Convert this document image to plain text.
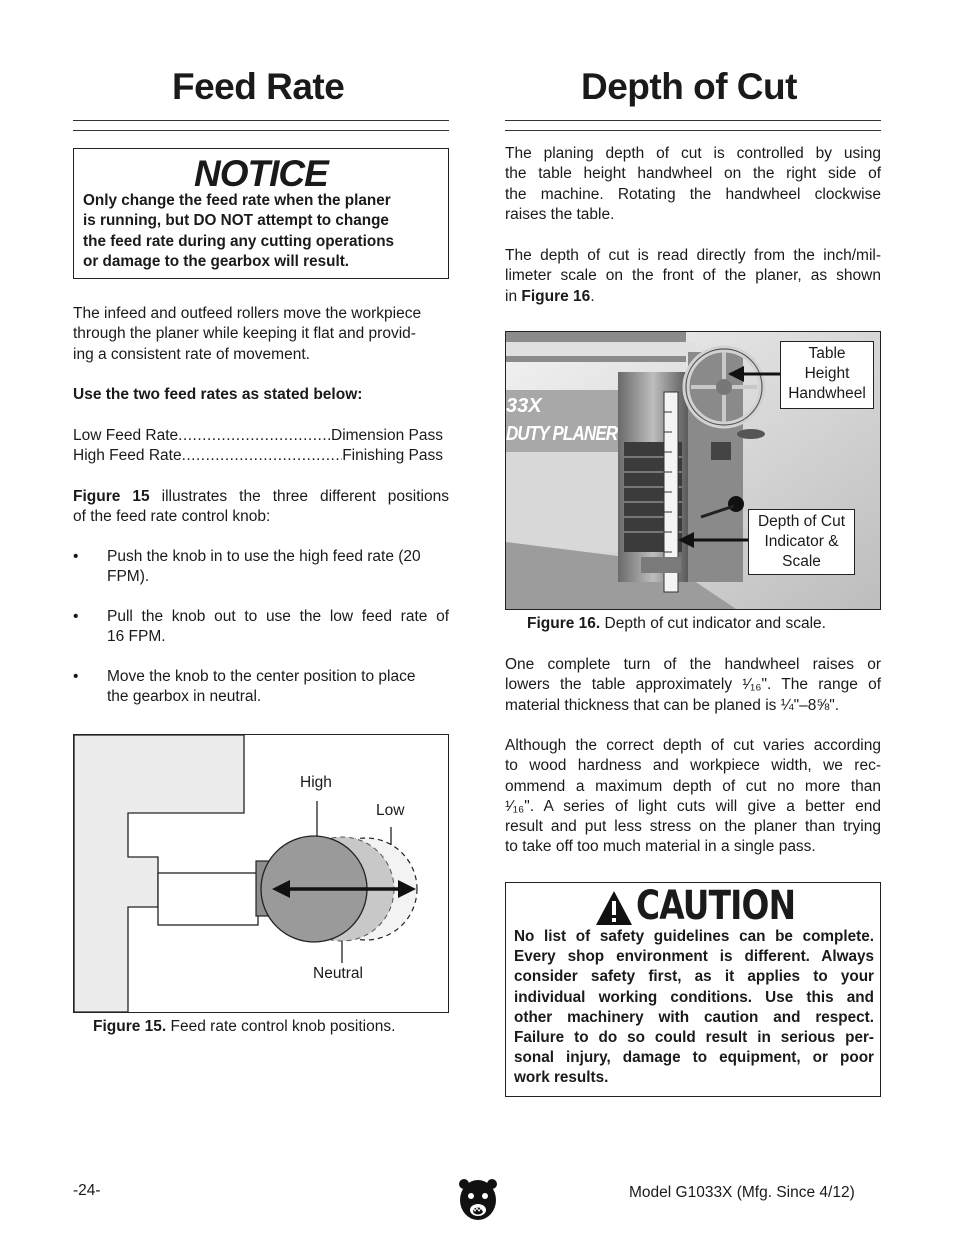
Feed Rate
NOTICE
Only change the feed rate when the planer
is running, but DO NOT attempt to change
the feed rate during any cutting operations
or damage to the gearbox will result.
The infeed and outfeed rollers move the workpiece
through the planer while keeping it flat and provid-
ing a consistent rate of movement.
Use the two feed rates as stated below:
Low Feed Rate .....	Dimension Pass
High Feed Rate .....	Finishing Pass
Figure 15 illustrates the three different positions
of the feed rate control knob:
• Push the knob in to use the high feed rate (20
FPM).
• Pull the knob out to use the low feed rate of
16 FPM.
• Move the knob to the center position to place
the gearbox in neutral.
High
Low
Neutral
Figure 15. Feed rate control knob positions.
Depth of Cut
The planing depth of cut is controlled by using
the table height handwheel on the right side of
the machine. Rotating the handwheel clockwise
raises the table.
The depth of cut is read directly from the inch/mil-
limeter scale on the front of the planer, as shown
in Figure 16.
33X
DUTY PLANER
Table
Height
Handwheel
Depth of Cut
Indicator &
Scale
Figure 16. Depth of cut indicator and scale.
One complete turn of the handwheel raises or
lowers the table approximately ¹⁄₁₆". The range of
material thickness that can be planed is ¼"–8⅝".
Although the correct depth of cut varies according
to wood hardness and workpiece width, we rec-
ommend a maximum depth of cut no more than
¹⁄₁₆". A series of light cuts will give a better end
result and put less stress on the planer than trying
to take off too much material in a single pass.
CAUTION
No list of safety guidelines can be complete.
Every shop environment is different. Always
consider safety first, as it applies to your
individual working conditions. Use this and
other machinery with caution and respect.
Failure to do so could result in serious per-
sonal injury, damage to equipment, or poor
work results.
-24-	Model G1033X (Mfg. Since 4/12)
